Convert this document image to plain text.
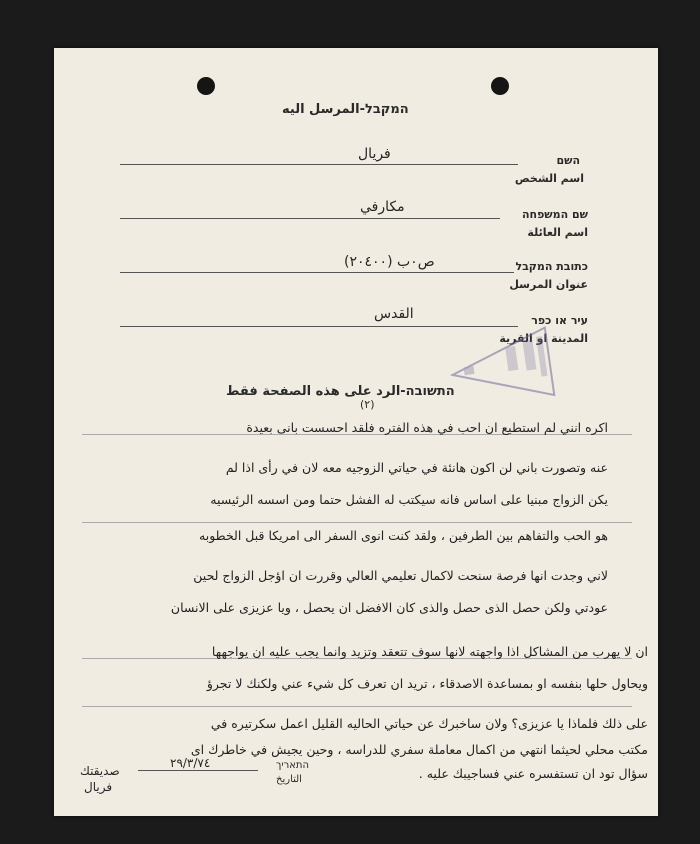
המקבל-المرسل اليه
השם
اسم الشخص
فريال
שם המשפחה
اسم العائلة
مكارفي
כתובת המקבל
عنوان المرسل
ص٠ب (٢٠٤٠٠)
עיר או כפר
المدينة او القرية
القدس
התשובה-الرد على هذه الصفحة فقط
(٢)
اكره انني لم استطيع ان احب في هذه الفتره فلقد احسست بانى بعيدة
عنه وتصورت باني لن اكون هانئة في حياتي الزوجيه معه لان في رأى اذا لم
يكن الزواج مبنيا على اساس فانه سيكتب له الفشل حتما ومن اسسه الرئيسيه
هو الحب والتفاهم بين الطرفين ، ولقد كنت انوى السفر الى امريكا قبل الخطوبه
لاني وجدت انها فرصة سنحت لاكمال تعليمي العالي وقررت ان اؤجل الزواج لحين
عودتي ولكن حصل الذى حصل والذى كان الافضل ان يحصل ، ويا عزيزى على الانسان
ان لا يهرب من المشاكل اذا واجهته لانها سوف تتعقد وتزيد وانما يجب عليه ان يواجهها
ويحاول حلها بنفسه او بمساعدة الاصدقاء ، تريد ان تعرف كل شيء عني ولكنك لا تجرؤ
على ذلك فلماذا يا عزيزى؟ ولان ساخبرك عن حياتي الحاليه القليل اعمل سكرتيره في
مكتب محلي لحيثما انتهي من اكمال معاملة سفري للدراسه ، وحين يجيش في خاطرك اى
سؤال تود ان تستفسره عني فساجيبك عليه .
٢٩/٣/٧٤	התאריך
التاريخ
صديقتك
فريال
